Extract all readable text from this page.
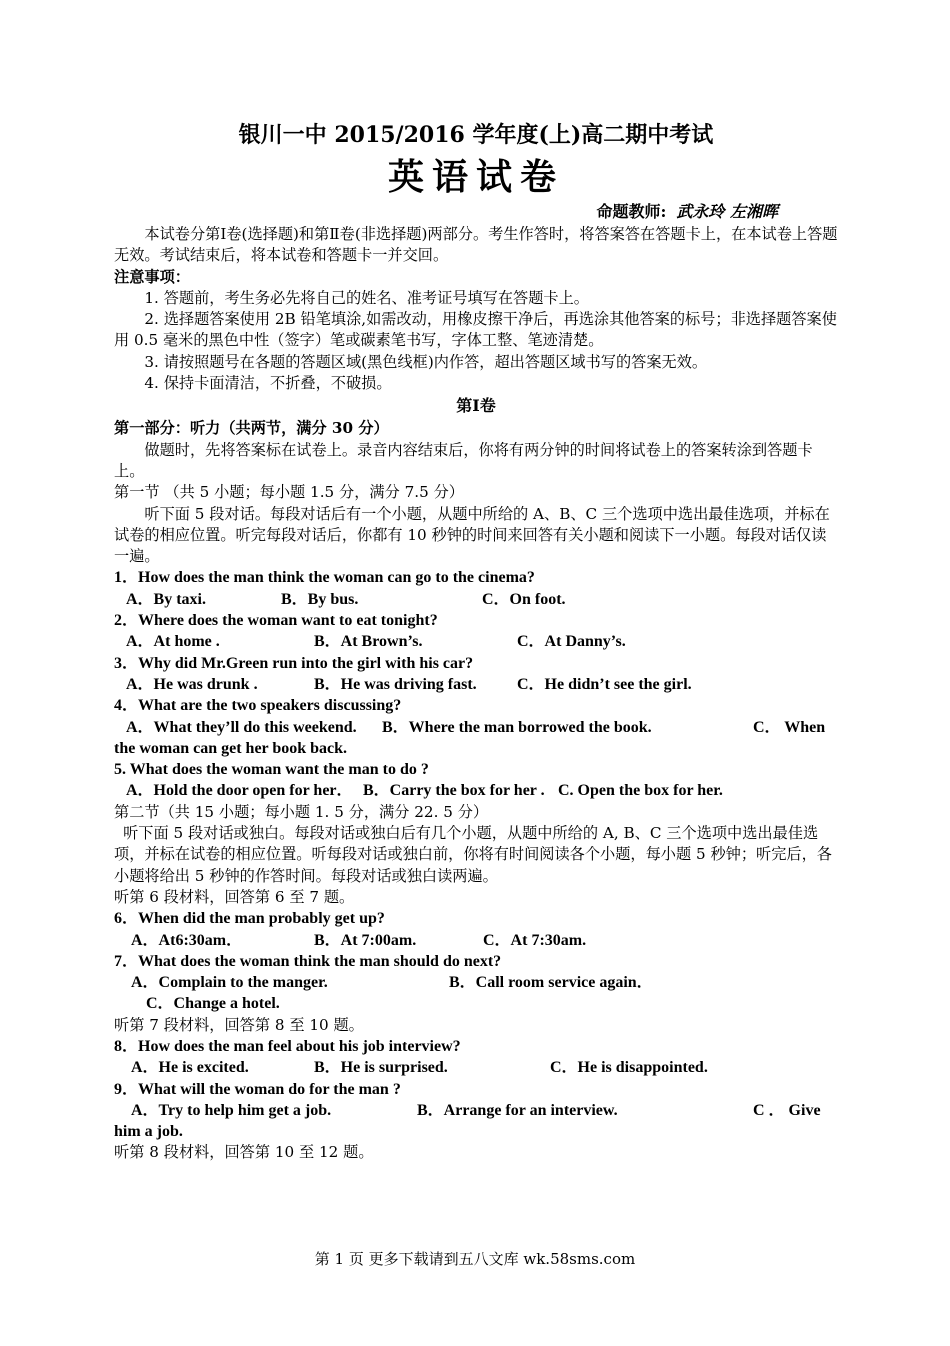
银川一中 2015/2016 学年度(上)高二期中考试
英语试卷
命题教师: 武永玲 左湘晖

本试卷分第Ⅰ卷(选择题)和第Ⅱ卷(非选择题)两部分。考生作答时，将答案答在答题卡上，在本试卷上答题无效。考试结束后，将本试卷和答题卡一并交回。

注意事项：

1. 答题前，考生务必先将自己的姓名、准考证号填写在答题卡上。

2. 选择题答案使用 2B 铅笔填涂,如需改动，用橡皮擦干净后，再选涂其他答案的标号；非选择题答案使用 0.5 毫米的黑色中性（签字）笔或碳素笔书写，字体工整、笔迹清楚。

3. 请按照题号在各题的答题区域(黑色线框)内作答，超出答题区域书写的答案无效。

4. 保持卡面清洁，不折叠，不破损。

第Ⅰ卷

第一部分：听力（共两节，满分 30 分）

做题时，先将答案标在试卷上。录音内容结束后，你将有两分钟的时间将试卷上的答案转涂到答题卡上。

第一节 （共 5 小题；每小题 1.5 分，满分 7.5 分）

听下面 5 段对话。每段对话后有一个小题，从题中所给的 A、B、C 三个选项中选出最佳选项，并标在试卷的相应位置。听完每段对话后，你都有 10 秒钟的时间来回答有关小题和阅读下一小题。每段对话仅读一遍。

1．How does the man think the woman can go to the cinema?

A．By taxi.	B．By bus.	C．On foot.

2．Where does the woman want to eat tonight?

A．At home .	B．At Brown’s.	C．At Danny’s.

3．Why did Mr.Green run into the girl with his car?

A．He was drunk .	B．He was driving fast.	C．He didn’t see the girl.

4．What are the two speakers discussing?

A．What they’ll do this weekend. B．Where the man borrowed the book.	C． When

the woman can get her book back.

5. What does the woman want the man to do ?

A．Hold the door open for her． B．Carry the box for her . C. Open the box for her.

第二节（共 15 小题；每小题 1. 5 分，满分 22. 5 分）

听下面 5 段对话或独白。每段对话或独白后有几个小题，从题中所给的 A, B、C 三个选项中选出最佳选项，并标在试卷的相应位置。听每段对话或独白前，你将有时间阅读各个小题，每小题 5 秒钟；听完后，各小题将给出 5 秒钟的作答时间。每段对话或独白读两遍。

听第 6 段材料，回答第 6 至 7 题。

6．When did the man probably get up?

A．At6:30am．	B．At 7:00am.	C．At 7:30am.

7．What does the woman think the man should do next?

A．Complain to the manger.	B．Call room service again．

C．Change a hotel.

听第 7 段材料，回答第 8 至 10 题。

8．How does the man feel about his job interview?

A．He is excited.	B．He is surprised.	C．He is disappointed.

9．What will the woman do for the man ?

A．Try to help him get a job.	B．Arrange for an interview.	C ． Give

him a job.

听第 8 段材料，回答第 10 至 12 题。

第 1 页 更多下载请到五八文库 wk.58sms.com
